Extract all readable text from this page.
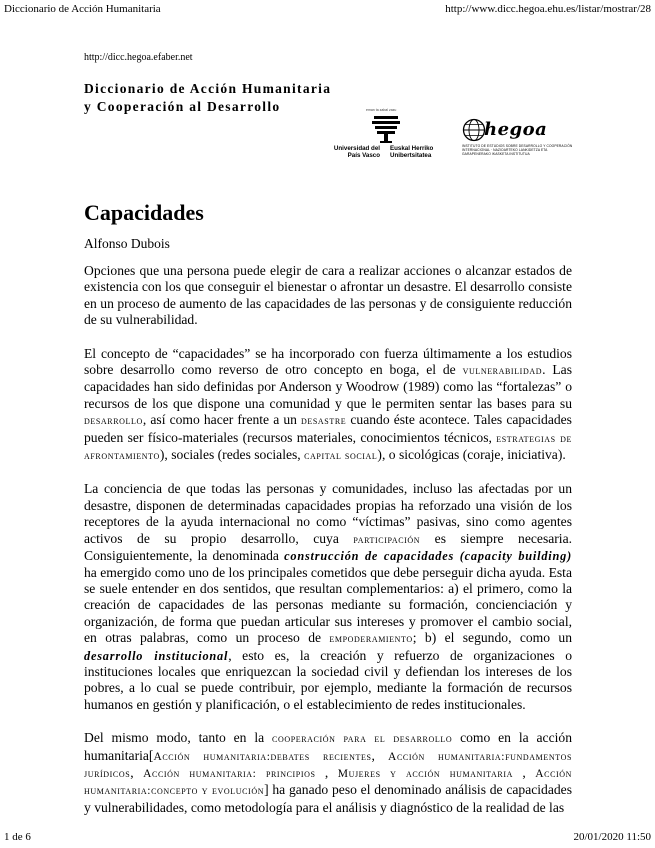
Diccionario de Acción Humanitaria	http://www.dicc.hegoa.ehu.es/listar/mostrar/28
http://dicc.hegoa.efaber.net
Diccionario de Acción Humanitaria
y Cooperación al Desarrollo	eman ta zabal zazu
Universidad del País Vasco
Euskal Herriko Unibertsitatea
hegoa
INSTITUTO DE ESTUDIOS SOBRE DESARROLLO Y COOPERACIÓN INTERNACIONAL · NAZIOARTEKO LANKIDETZA ETA GARAPENERAKO IKASKETA INSTITUTUA
Capacidades
Alfonso Dubois

Opciones que una persona puede elegir de cara a realizar acciones o alcanzar estados de existencia con los que conseguir el bienestar o afrontar un desastre. El desarrollo consiste en un proceso de aumento de las capacidades de las personas y de consiguiente reducción de su vulnerabilidad.

El concepto de “capacidades” se ha incorporado con fuerza últimamente a los estudios sobre desarrollo como reverso de otro concepto en boga, el de vulnerabilidad. Las capacidades han sido definidas por Anderson y Woodrow (1989) como las “fortalezas” o recursos de los que dispone una comunidad y que le permiten sentar las bases para su desarrollo, así como hacer frente a un desastre cuando éste acontece. Tales capacidades pueden ser físico-materiales (recursos materiales, conocimientos técnicos, estrategias de afrontamiento), sociales (redes sociales, capital social), o sicológicas (coraje, iniciativa).

La conciencia de que todas las personas y comunidades, incluso las afectadas por un desastre, disponen de determinadas capacidades propias ha reforzado una visión de los receptores de la ayuda internacional no como “víctimas” pasivas, sino como agentes activos de su propio desarrollo, cuya participación es siempre necesaria. Consiguientemente, la denominada construcción de capacidades (capacity building) ha emergido como uno de los principales cometidos que debe perseguir dicha ayuda. Esta se suele entender en dos sentidos, que resultan complementarios: a) el primero, como la creación de capacidades de las personas mediante su formación, concienciación y organización, de forma que puedan articular sus intereses y promover el cambio social, en otras palabras, como un proceso de empoderamiento; b) el segundo, como un desarrollo institucional, esto es, la creación y refuerzo de organizaciones o instituciones locales que enriquezcan la sociedad civil y defiendan los intereses de los pobres, a lo cual se puede contribuir, por ejemplo, mediante la formación de recursos humanos en gestión y planificación, o el establecimiento de redes institucionales.

Del mismo modo, tanto en la cooperación para el desarrollo como en la acción humanitaria[Acción humanitaria:debates recientes, Acción humanitaria:fundamentos jurídicos, Acción humanitaria: principios , Mujeres y acción humanitaria , Acción humanitaria:concepto y evolución] ha ganado peso el denominado análisis de capacidades y vulnerabilidades, como metodología para el análisis y diagnóstico de la realidad de las

1 de 6	20/01/2020 11:50
